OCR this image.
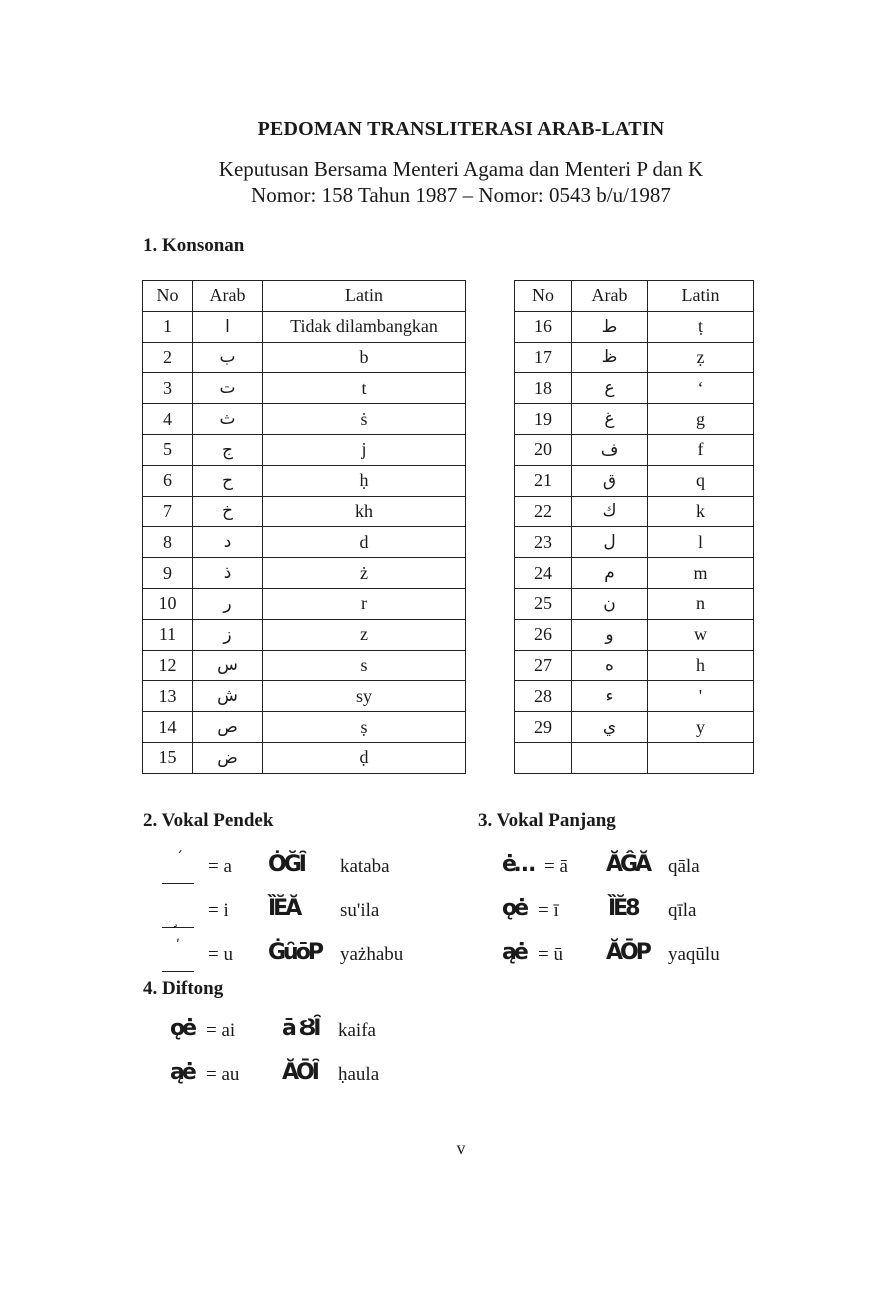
PEDOMAN TRANSLITERASI ARAB-LATIN
Keputusan Bersama Menteri Agama dan Menteri P dan K
Nomor: 158 Tahun 1987 – Nomor: 0543 b/u/1987
1. Konsonan
No	Arab	Latin
1	ا	Tidak dilambangkan
2	ب	b
3	ت	t
4	ث	ṡ
5	ج	j
6	ح	ḥ
7	خ	kh
8	د	d
9	ذ	ż
10	ر	r
11	ز	z
12	س	s
13	ش	sy
14	ص	ṣ
15	ض	ḍ
No	Arab	Latin
16	ط	ṭ
17	ظ	ẓ
18	ع	‘
19	غ	g
20	ف	f
21	ق	q
22	ك	k
23	ل	l
24	م	m
25	ن	n
26	و	w
27	ه	h
28	ء	'
29	ي	y

2. Vokal Pendek	3. Vokal Panjang
´ = a ȮĞȊ kataba
¸ = i ȈĔĂ su'ila
ʹ = u ĠȗōP yażhabu
ė… = ā ĂĜĂ qāla
ǫė = ī ȈĔ8 qīla
ąė = ū ĂŌP yaqūlu
4. Diftong
ǫė = ai ā ȢȊ kaifa
ąė = au ĂŌȊ ḥaula
v
